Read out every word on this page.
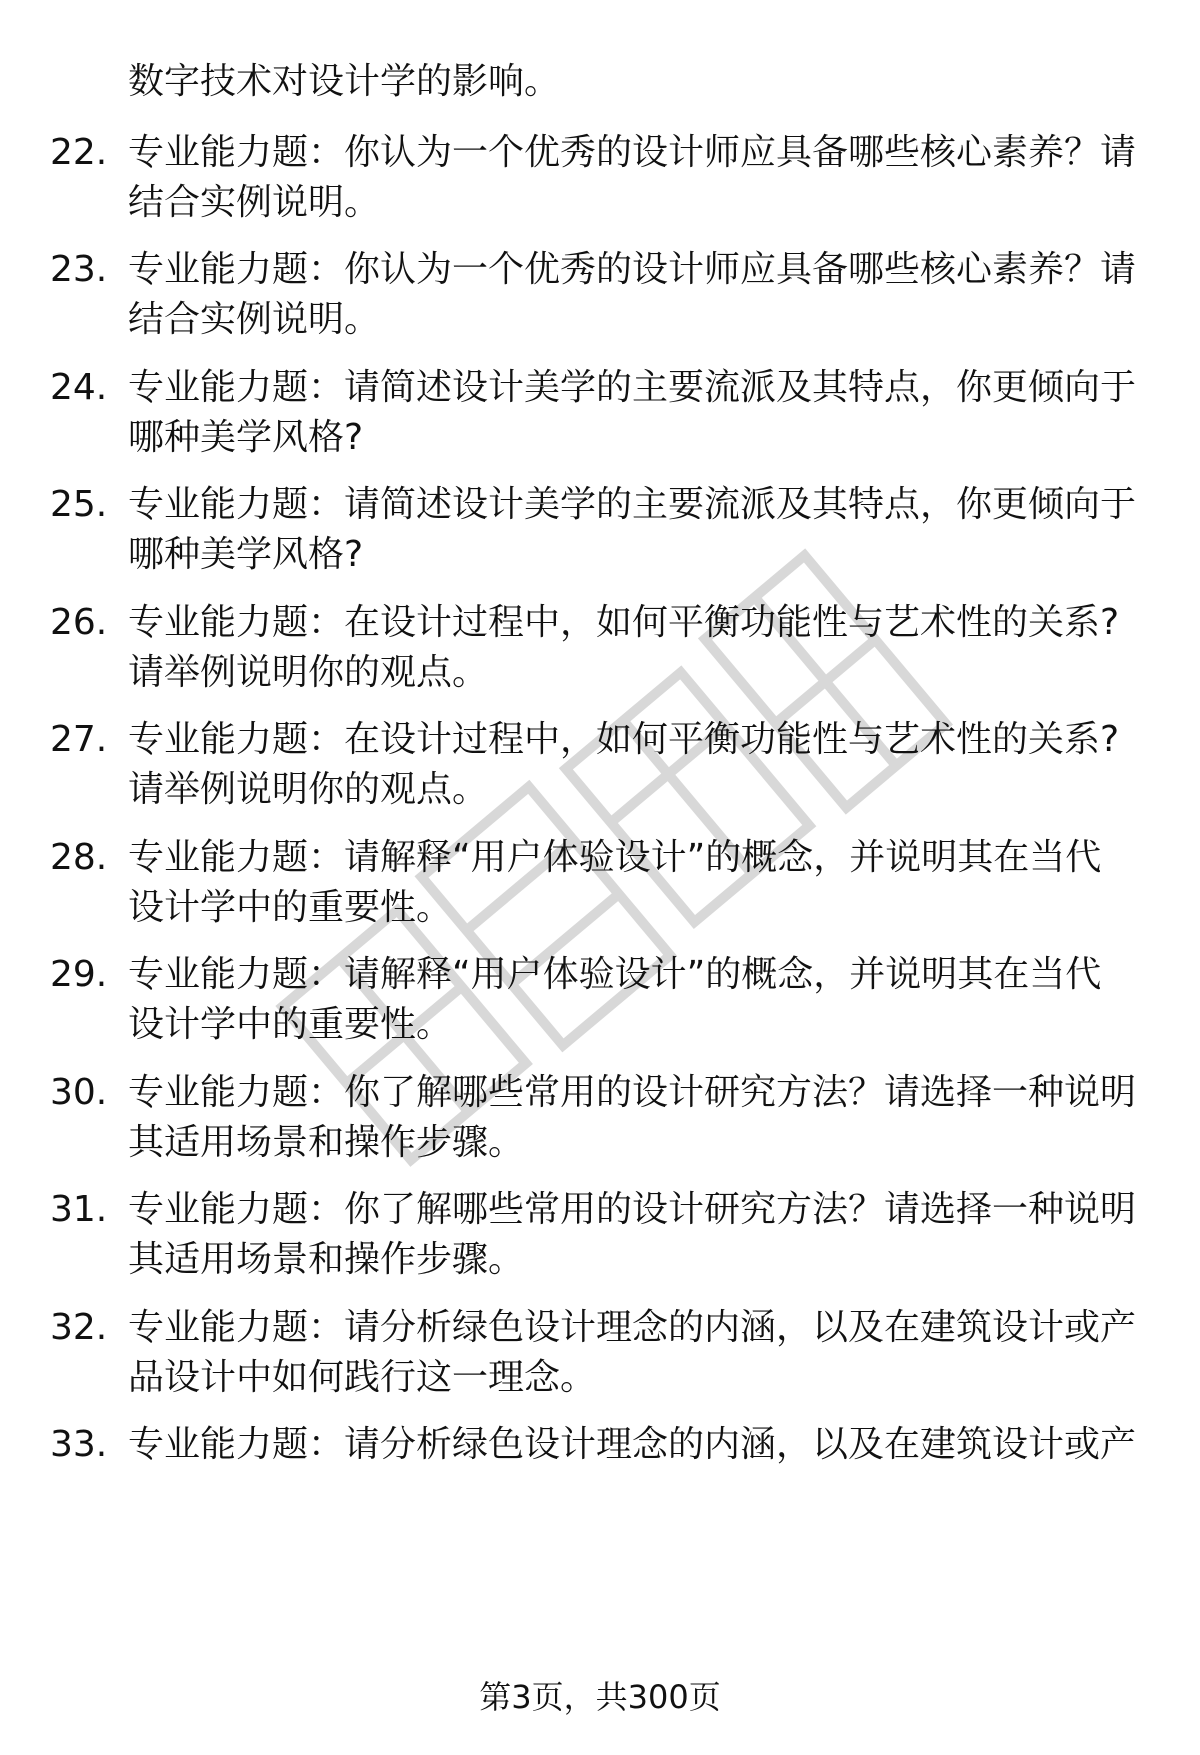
数字技术对设计学的影响。
22. 专业能力题：你认为一个优秀的设计师应具备哪些核心素养？请
结合实例说明。
23. 专业能力题：你认为一个优秀的设计师应具备哪些核心素养？请
结合实例说明。
24. 专业能力题：请简述设计美学的主要流派及其特点，你更倾向于
哪种美学风格?
25. 专业能力题：请简述设计美学的主要流派及其特点，你更倾向于
哪种美学风格?
26. 专业能力题：在设计过程中，如何平衡功能性与艺术性的关系?
请举例说明你的观点。
27. 专业能力题：在设计过程中，如何平衡功能性与艺术性的关系?
请举例说明你的观点。
28. 专业能力题：请解释“用户体验设计”的概念，并说明其在当代
设计学中的重要性。
29. 专业能力题：请解释“用户体验设计”的概念，并说明其在当代
设计学中的重要性。
30. 专业能力题：你了解哪些常用的设计研究方法？请选择一种说明
其适用场景和操作步骤。
31. 专业能力题：你了解哪些常用的设计研究方法？请选择一种说明
其适用场景和操作步骤。
32. 专业能力题：请分析绿色设计理念的内涵，以及在建筑设计或产
品设计中如何践行这一理念。
33. 专业能力题：请分析绿色设计理念的内涵，以及在建筑设计或产
第3页，共300页
